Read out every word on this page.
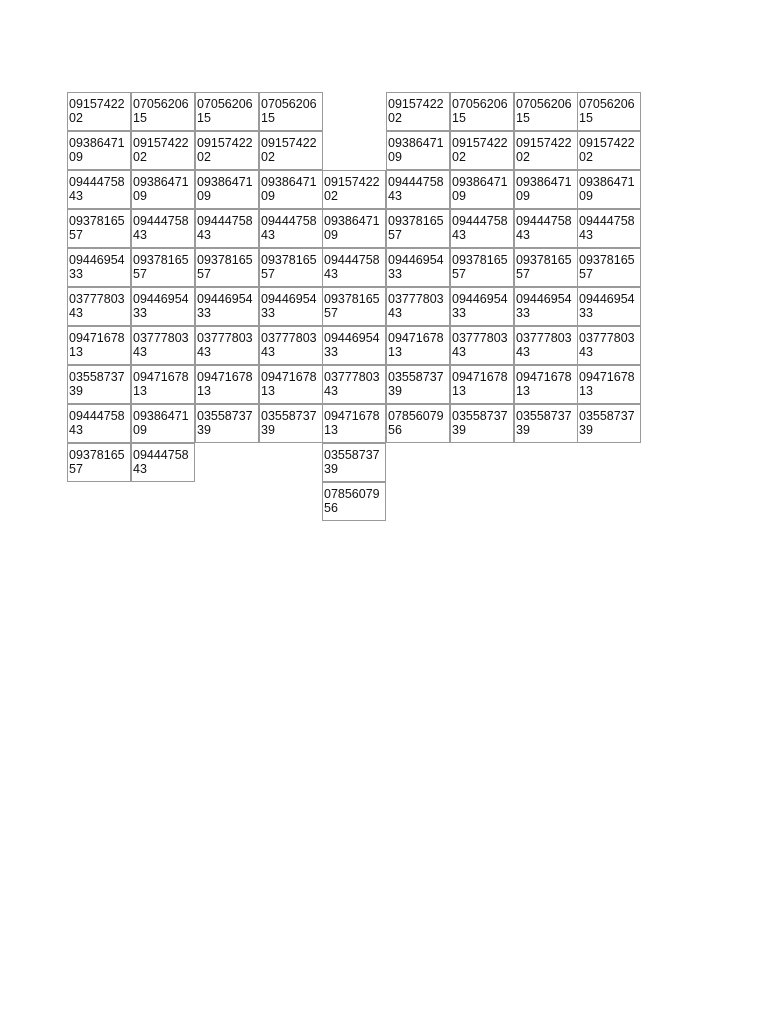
09157422
02
09386471
09
09444758
43
09378165
57
09446954
33
03777803
43
09471678
13
03558737
39
09444758
43
09378165
57
07056206
15
09157422
02
09386471
09
09444758
43
09378165
57
09446954
33
03777803
43
09471678
13
09386471
09
09444758
43
07056206
15
09157422
02
09386471
09
09444758
43
09378165
57
09446954
33
03777803
43
09471678
13
03558737
39
07056206
15
09157422
02
09386471
09
09444758
43
09378165
57
09446954
33
03777803
43
09471678
13
03558737
39
09157422
02
09386471
09
09444758
43
09378165
57
09446954
33
03777803
43
09471678
13
03558737
39
07856079
56
09157422
02
09386471
09
09444758
43
09378165
57
09446954
33
03777803
43
09471678
13
03558737
39
07856079
56
07056206
15
09157422
02
09386471
09
09444758
43
09378165
57
09446954
33
03777803
43
09471678
13
03558737
39
07056206
15
09157422
02
09386471
09
09444758
43
09378165
57
09446954
33
03777803
43
09471678
13
03558737
39
07056206
15
09157422
02
09386471
09
09444758
43
09378165
57
09446954
33
03777803
43
09471678
13
03558737
39
